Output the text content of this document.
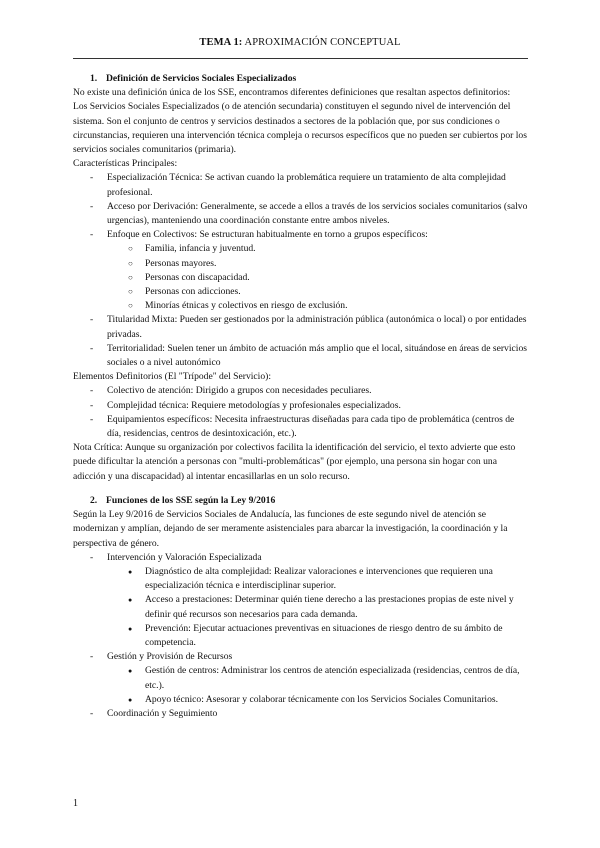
TEMA 1: APROXIMACIÓN CONCEPTUAL

1. Definición de Servicios Sociales Especializados

No existe una definición única de los SSE, encontramos diferentes definiciones que resaltan aspectos definitorios:

Los Servicios Sociales Especializados (o de atención secundaria) constituyen el segundo nivel de intervención del sistema. Son el conjunto de centros y servicios destinados a sectores de la población que, por sus condiciones o circunstancias, requieren una intervención técnica compleja o recursos específicos que no pueden ser cubiertos por los servicios sociales comunitarios (primaria).

Características Principales:

- Especialización Técnica: Se activan cuando la problemática requiere un tratamiento de alta complejidad profesional.

- Acceso por Derivación: Generalmente, se accede a ellos a través de los servicios sociales comunitarios (salvo urgencias), manteniendo una coordinación constante entre ambos niveles.

- Enfoque en Colectivos: Se estructuran habitualmente en torno a grupos específicos:

○ Familia, infancia y juventud.

○ Personas mayores.

○ Personas con discapacidad.

○ Personas con adicciones.

○ Minorías étnicas y colectivos en riesgo de exclusión.

- Titularidad Mixta: Pueden ser gestionados por la administración pública (autonómica o local) o por entidades privadas.

- Territorialidad: Suelen tener un ámbito de actuación más amplio que el local, situándose en áreas de servicios sociales o a nivel autonómico

Elementos Definitorios (El "Trípode" del Servicio):

- Colectivo de atención: Dirigido a grupos con necesidades peculiares.

- Complejidad técnica: Requiere metodologías y profesionales especializados.

- Equipamientos específicos: Necesita infraestructuras diseñadas para cada tipo de problemática (centros de día, residencias, centros de desintoxicación, etc.).

Nota Crítica: Aunque su organización por colectivos facilita la identificación del servicio, el texto advierte que esto puede dificultar la atención a personas con "multi-problemáticas" (por ejemplo, una persona sin hogar con una adicción y una discapacidad) al intentar encasillarlas en un solo recurso.

2. Funciones de los SSE según la Ley 9/2016

Según la Ley 9/2016 de Servicios Sociales de Andalucía, las funciones de este segundo nivel de atención se modernizan y amplían, dejando de ser meramente asistenciales para abarcar la investigación, la coordinación y la perspectiva de género.

- Intervención y Valoración Especializada

● Diagnóstico de alta complejidad: Realizar valoraciones e intervenciones que requieren una especialización técnica e interdisciplinar superior.

● Acceso a prestaciones: Determinar quién tiene derecho a las prestaciones propias de este nivel y definir qué recursos son necesarios para cada demanda.

● Prevención: Ejecutar actuaciones preventivas en situaciones de riesgo dentro de su ámbito de competencia.

- Gestión y Provisión de Recursos

● Gestión de centros: Administrar los centros de atención especializada (residencias, centros de día, etc.).

● Apoyo técnico: Asesorar y colaborar técnicamente con los Servicios Sociales Comunitarios.

- Coordinación y Seguimiento

1
